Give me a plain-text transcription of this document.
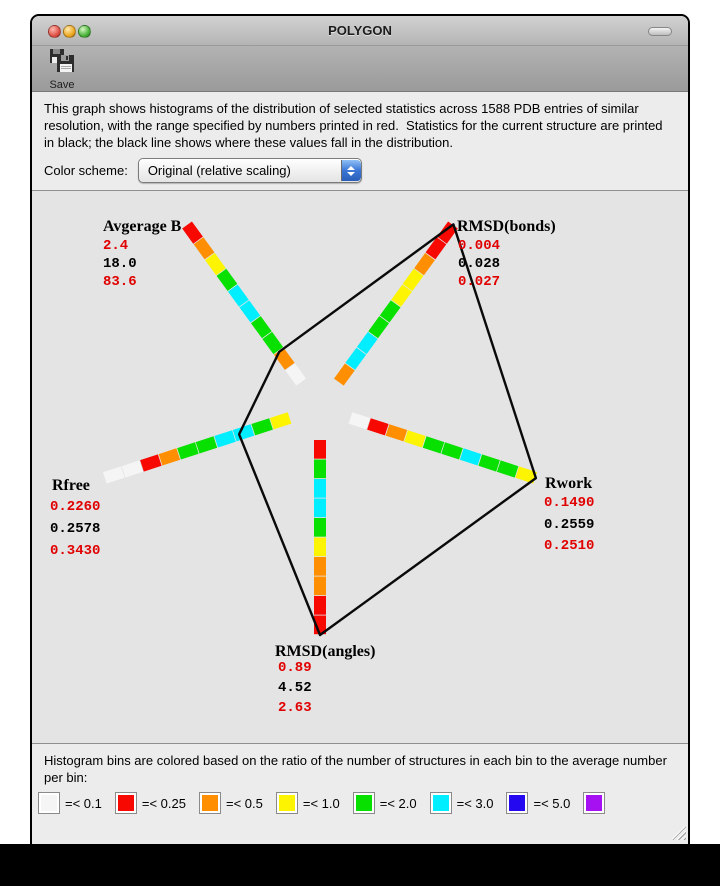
POLYGON
Save
This graph shows histograms of the distribution of selected statistics across 1588 PDB entries of similar resolution, with the range specified by numbers printed in red.  Statistics for the current structure are printed in black; the black line shows where these values fall in the distribution.
Color scheme:	Original (relative scaling)
Avgerage B
2.4
18.0
83.6
RMSD(bonds)
0.004
0.028
0.027
Rwork
0.1490
0.2559
0.2510
RMSD(angles)
0.89
4.52
2.63
Rfree
0.2260
0.2578
0.3430
Histogram bins are colored based on the ratio of the number of structures in each bin to the average number per bin:
=< 0.1	=< 0.25	=< 0.5	=< 1.0	=< 2.0	=< 3.0	=< 5.0
